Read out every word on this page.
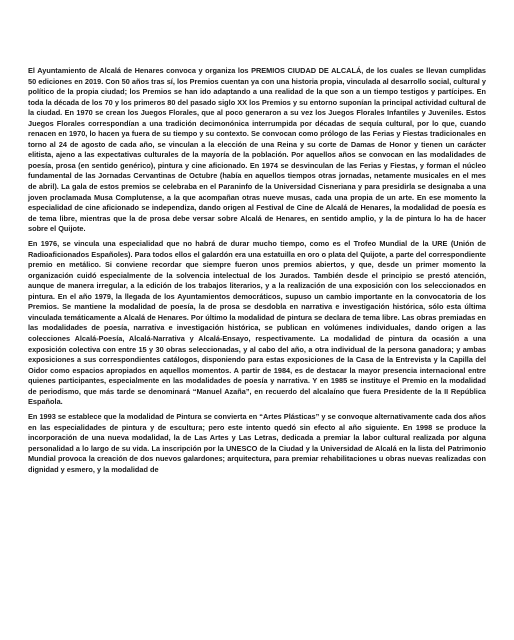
El Ayuntamiento de Alcalá de Henares convoca y organiza los PREMIOS CIUDAD DE ALCALÁ, de los cuales se llevan cumplidas 50 ediciones en 2019. Con 50 años tras sí, los Premios cuentan ya con una historia propia, vinculada al desarrollo social, cultural y político de la propia ciudad; los Premios se han ido adaptando a una realidad de la que son a un tiempo testigos y partícipes. En toda la década de los 70 y los primeros 80 del pasado siglo XX los Premios y su entorno suponían la principal actividad cultural de la ciudad. En 1970 se crean los Juegos Florales, que al poco generaron a su vez los Juegos Florales Infantiles y Juveniles. Estos Juegos Florales correspondían a una tradición decimonónica interrumpida por décadas de sequía cultural, por lo que, cuando renacen en 1970, lo hacen ya fuera de su tiempo y su contexto. Se convocan como prólogo de las Ferias y Fiestas tradicionales en torno al 24 de agosto de cada año, se vinculan a la elección de una Reina y su corte de Damas de Honor y tienen un carácter elitista, ajeno a las expectativas culturales de la mayoría de la población. Por aquellos años se convocan en las modalidades de poesía, prosa (en sentido genérico), pintura y cine aficionado. En 1974 se desvinculan de las Ferias y Fiestas, y forman el núcleo fundamental de las Jornadas Cervantinas de Octubre (había en aquellos tiempos otras jornadas, netamente musicales en el mes de abril). La gala de estos premios se celebraba en el Paraninfo de la Universidad Cisneriana y para presidirla se designaba a una joven proclamada Musa Complutense, a la que acompañan otras nueve musas, cada una propia de un arte. En ese momento la especialidad de cine aficionado se independiza, dando origen al Festival de Cine de Alcalá de Henares, la modalidad de poesía es de tema libre, mientras que la de prosa debe versar sobre Alcalá de Henares, en sentido amplio, y la de pintura lo ha de hacer sobre el Quijote.

En 1976, se vincula una especialidad que no habrá de durar mucho tiempo, como es el Trofeo Mundial de la URE (Unión de Radioaficionados Españoles). Para todos ellos el galardón era una estatuilla en oro o plata del Quijote, a parte del correspondiente premio en metálico. Si conviene recordar que siempre fueron unos premios abiertos, y que, desde un primer momento la organización cuidó especialmente de la solvencia intelectual de los Jurados. También desde el principio se prestó atención, aunque de manera irregular, a la edición de los trabajos literarios, y a la realización de una exposición con los seleccionados en pintura. En el año 1979, la llegada de los Ayuntamientos democráticos, supuso un cambio importante en la convocatoria de los Premios. Se mantiene la modalidad de poesía, la de prosa se desdobla en narrativa e investigación histórica, sólo esta última vinculada temáticamente a Alcalá de Henares. Por último la modalidad de pintura se declara de tema libre. Las obras premiadas en las modalidades de poesía, narrativa e investigación histórica, se publican en volúmenes individuales, dando origen a las colecciones Alcalá-Poesía, Alcalá-Narrativa y Alcalá-Ensayo, respectivamente. La modalidad de pintura da ocasión a una exposición colectiva con entre 15 y 30 obras seleccionadas, y al cabo del año, a otra individual de la persona ganadora; y ambas exposiciones a sus correspondientes catálogos, disponiendo para estas exposiciones de la Casa de la Entrevista y la Capilla del Oidor como espacios apropiados en aquellos momentos. A partir de 1984, es de destacar la mayor presencia internacional entre quienes participantes, especialmente en las modalidades de poesía y narrativa. Y en 1985 se instituye el Premio en la modalidad de periodismo, que más tarde se denominará “Manuel Azaña”, en recuerdo del alcalaíno que fuera Presidente de la II República Española.

En 1993 se establece que la modalidad de Pintura se convierta en “Artes Plásticas” y se convoque alternativamente cada dos años en las especialidades de pintura y de escultura; pero este intento quedó sin efecto al año siguiente. En 1998 se produce la incorporación de una nueva modalidad, la de Las Artes y Las Letras, dedicada a premiar la labor cultural realizada por alguna personalidad a lo largo de su vida. La inscripción por la UNESCO de la Ciudad y la Universidad de Alcalá en la lista del Patrimonio Mundial provoca la creación de dos nuevos galardones; arquitectura, para premiar rehabilitaciones u obras nuevas realizadas con dignidad y esmero, y la modalidad de
